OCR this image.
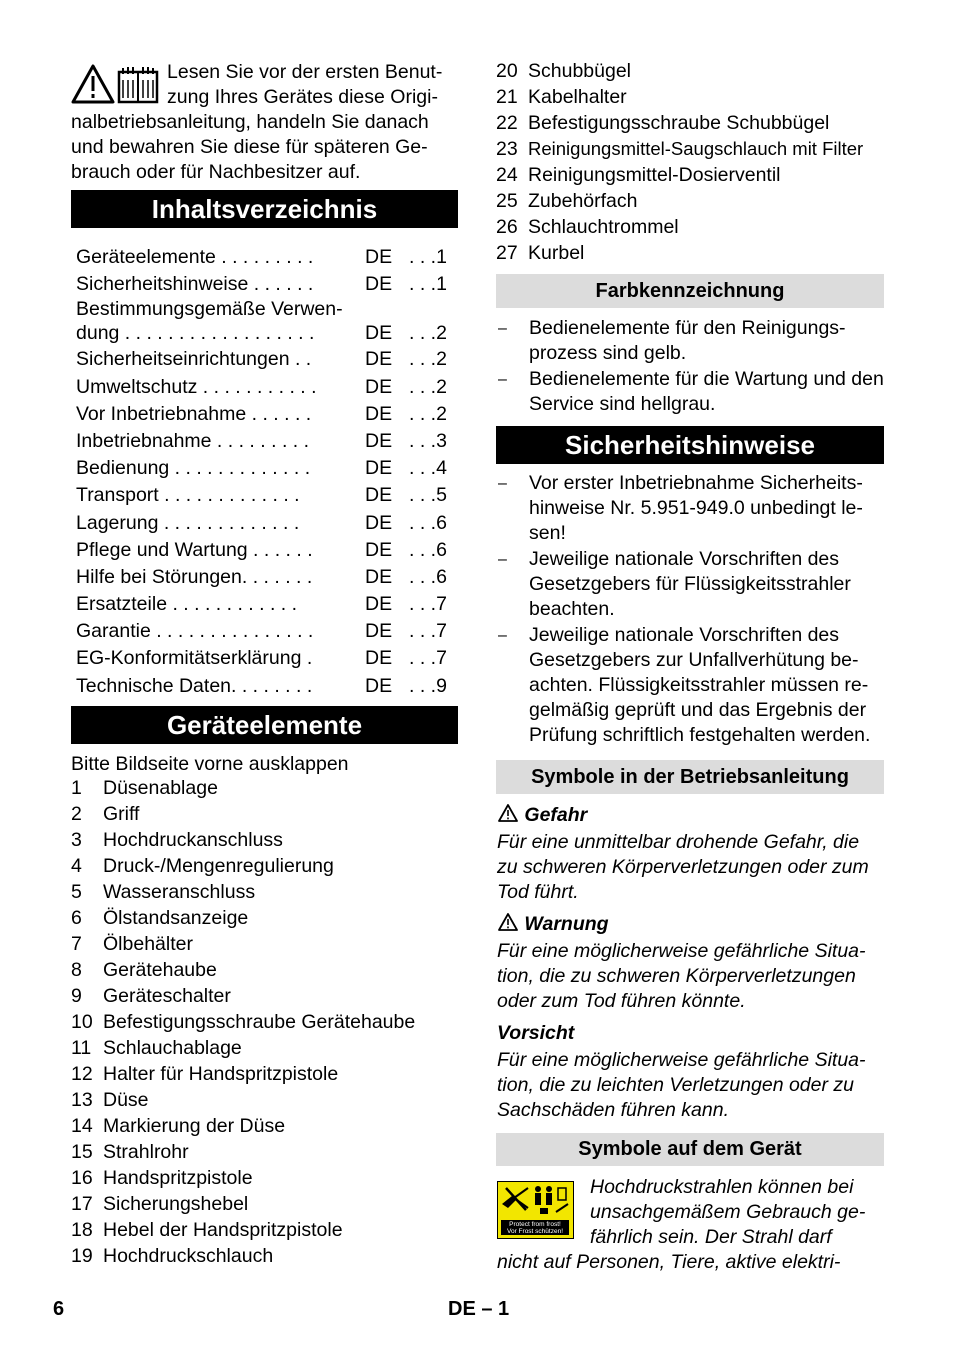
Lesen Sie vor der ersten Benut-

zung Ihres Gerätes diese Origi-

nalbetriebsanleitung, handeln Sie danach

und bewahren Sie diese für späteren Ge-

brauch oder für Nachbesitzer auf.

Inhaltsverzeichnis
Geräteelemente . . . . . . . . .	DE . . .1
Sicherheitshinweise . . . . . .	DE . . .1
Bestimmungsgemäße Verwen-
dung . . . . . . . . . . . . . . . . . .	DE . . .2
Sicherheitseinrichtungen . .	DE . . .2
Umweltschutz . . . . . . . . . . .	DE . . .2
Vor Inbetriebnahme . . . . . .	DE . . .2
Inbetriebnahme . . . . . . . . .	DE . . .3
Bedienung . . . . . . . . . . . . .	DE . . .4
Transport . . . . . . . . . . . . .	DE . . .5
Lagerung . . . . . . . . . . . . .	DE . . .6
Pflege und Wartung . . . . . .	DE . . .6
Hilfe bei Störungen. . . . . . .	DE . . .6
Ersatzteile . . . . . . . . . . . .	DE . . .7
Garantie . . . . . . . . . . . . . . .	DE . . .7
EG-Konformitätserklärung .	DE . . .7
Technische Daten. . . . . . . .	DE . . .9
Geräteelemente

Bitte Bildseite vorne ausklappen

1 Düsenablage
2 Griff
3 Hochdruckanschluss
4 Druck-/Mengenregulierung
5 Wasseranschluss
6 Ölstandsanzeige
7 Ölbehälter
8 Gerätehaube
9 Geräteschalter
10 Befestigungsschraube Gerätehaube
11 Schlauchablage
12 Halter für Handspritzpistole
13 Düse
14 Markierung der Düse
15 Strahlrohr
16 Handspritzpistole
17 Sicherungshebel
18 Hebel der Handspritzpistole
19 Hochdruckschlauch
6
20 Schubbügel
21 Kabelhalter
22 Befestigungsschraube Schubbügel
23 Reinigungsmittel-Saugschlauch mit Filter
24 Reinigungsmittel-Dosierventil
25 Zubehörfach
26 Schlauchtrommel
27 Kurbel
Farbkennzeichnung
– Bedienelemente für den Reinigungs-prozess sind gelb.
– Bedienelemente für die Wartung und den Service sind hellgrau.
Sicherheitshinweise
– Vor erster Inbetriebnahme Sicherheits-hinweise Nr. 5.951-949.0 unbedingt le-sen!
– Jeweilige nationale Vorschriften des Gesetzgebers für Flüssigkeitsstrahler beachten.
– Jeweilige nationale Vorschriften des Gesetzgebers zur Unfallverhütung be-achten. Flüssigkeitsstrahler müssen re-gelmäßig geprüft und das Ergebnis der Prüfung schriftlich festgehalten werden.
Symbole in der Betriebsanleitung
Gefahr

Für eine unmittelbar drohende Gefahr, die zu schweren Körperverletzungen oder zum Tod führt.

Warnung

Für eine möglicherweise gefährliche Situa-tion, die zu schweren Körperverletzungen oder zum Tod führen könnte.

Vorsicht

Für eine möglicherweise gefährliche Situa-tion, die zu leichten Verletzungen oder zu Sachschäden führen kann.

Symbole auf dem Gerät
Protect from frost!
Vor Frost schützen!

Hochdruckstrahlen können bei unsachgemäßem Gebrauch ge-fährlich sein. Der Strahl darf

nicht auf Personen, Tiere, aktive elektri-

DE – 1
